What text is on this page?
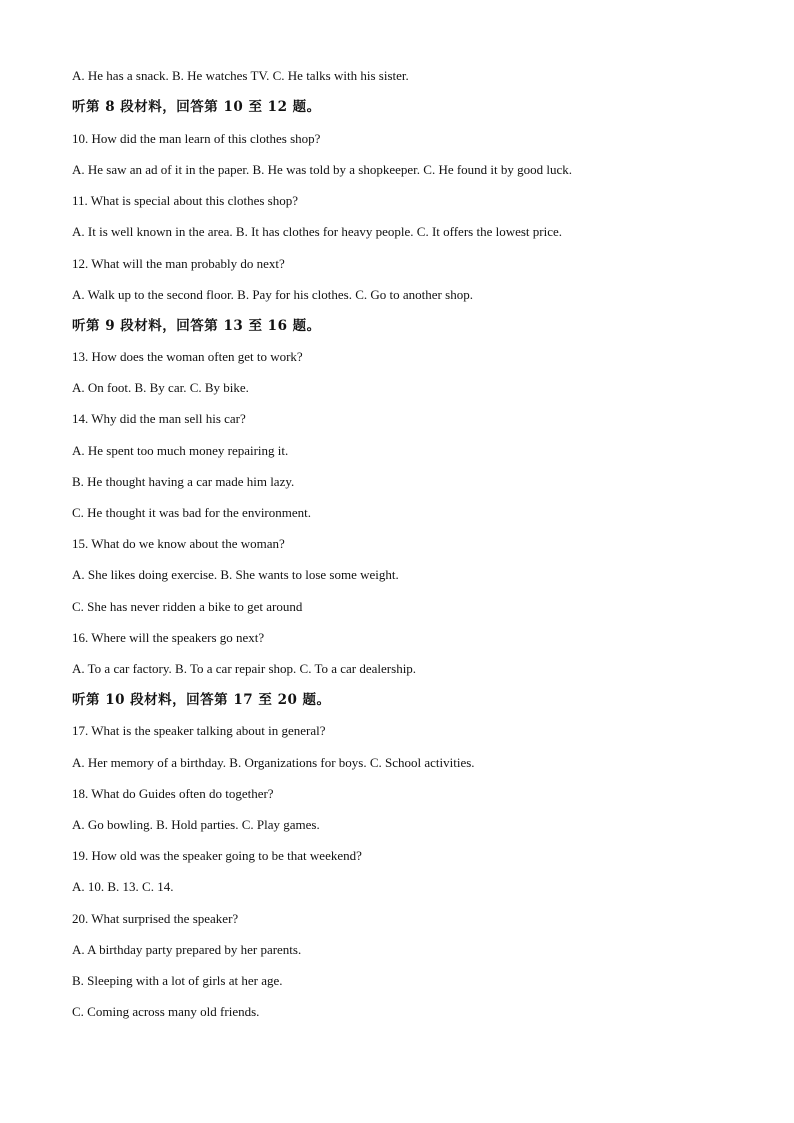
A. He has a snack. B. He watches TV. C. He talks with his sister.
听第 8 段材料，回答第 10 至 12 题。
10. How did the man learn of this clothes shop?
A. He saw an ad of it in the paper. B. He was told by a shopkeeper. C. He found it by good luck.
11. What is special about this clothes shop?
A. It is well known in the area. B. It has clothes for heavy people. C. It offers the lowest price.
12. What will the man probably do next?
A. Walk up to the second floor. B. Pay for his clothes. C. Go to another shop.
听第 9 段材料，回答第 13 至 16 题。
13. How does the woman often get to work?
A. On foot. B. By car. C. By bike.
14. Why did the man sell his car?
A. He spent too much money repairing it.
B. He thought having a car made him lazy.
C. He thought it was bad for the environment.
15. What do we know about the woman?
A. She likes doing exercise. B. She wants to lose some weight.
C. She has never ridden a bike to get around
16. Where will the speakers go next?
A. To a car factory. B. To a car repair shop. C. To a car dealership.
听第 10 段材料，回答第 17 至 20 题。
17. What is the speaker talking about in general?
A. Her memory of a birthday. B. Organizations for boys. C. School activities.
18. What do Guides often do together?
A. Go bowling. B. Hold parties. C. Play games.
19. How old was the speaker going to be that weekend?
A. 10. B. 13. C. 14.
20. What surprised the speaker?
A. A birthday party prepared by her parents.
B. Sleeping with a lot of girls at her age.
C. Coming across many old friends.
